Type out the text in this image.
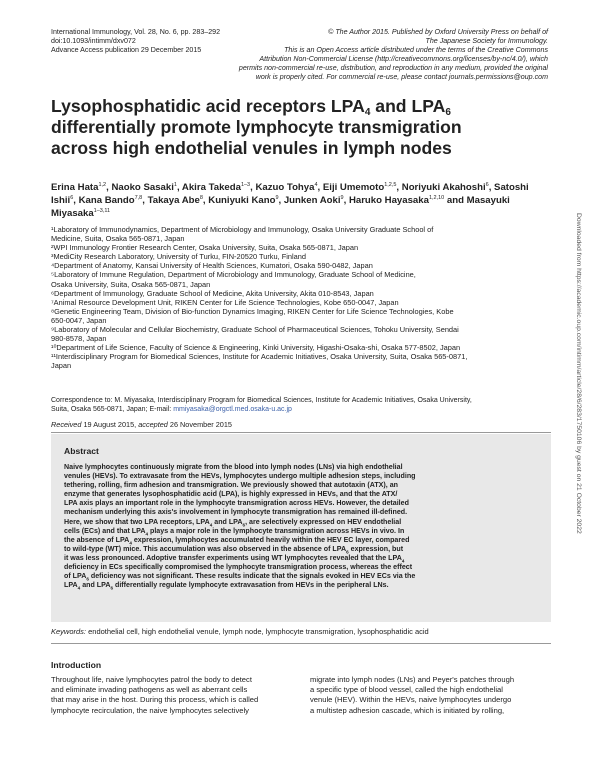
International Immunology, Vol. 28, No. 6, pp. 283–292
doi:10.1093/intimm/dxv072
Advance Access publication 29 December 2015
© The Author 2015. Published by Oxford University Press on behalf of
The Japanese Society for Immunology.
This is an Open Access article distributed under the terms of the Creative Commons
Attribution Non-Commercial License (http://creativecommons.org/licenses/by-nc/4.0/), which
permits non-commercial re-use, distribution, and reproduction in any medium, provided the original
work is properly cited. For commercial re-use, please contact journals.permissions@oup.com
Lysophosphatidic acid receptors $LPA_4$ and $LPA_6$
differentially promote lymphocyte transmigration
across high endothelial venules in lymph nodes
Erina Hata$^{1,2}$, Naoko Sasaki$^1$, Akira Takeda$^{1-3}$, Kazuo Tohya$^4$, Eiji Umemoto$^{1,2,5}$, Noriyuki Akahoshi$^6$, Satoshi Ishii$^6$, Kana Bando$^{7,8}$, Takaya Abe$^8$, Kuniyuki Kano$^9$, Junken Aoki$^9$, Haruko Hayasaka$^{1,2,10}$ and Masayuki Miyasaka$^{1-3,11}$
¹Laboratory of Immunodynamics, Department of Microbiology and Immunology, Osaka University Graduate School of
Medicine, Suita, Osaka 565-0871, Japan
²WPI Immunology Frontier Research Center, Osaka University, Suita, Osaka 565-0871, Japan
³MediCity Research Laboratory, University of Turku, FIN-20520 Turku, Finland
⁴Department of Anatomy, Kansai University of Health Sciences, Kumatori, Osaka 590-0482, Japan
⁵Laboratory of Immune Regulation, Department of Microbiology and Immunology, Graduate School of Medicine,
Osaka University, Suita, Osaka 565-0871, Japan
⁶Department of Immunology, Graduate School of Medicine, Akita University, Akita 010-8543, Japan
⁷Animal Resource Development Unit, RIKEN Center for Life Science Technologies, Kobe 650-0047, Japan
⁸Genetic Engineering Team, Division of Bio-function Dynamics Imaging, RIKEN Center for Life Science Technologies, Kobe
650-0047, Japan
⁹Laboratory of Molecular and Cellular Biochemistry, Graduate School of Pharmaceutical Sciences, Tohoku University, Sendai
980-8578, Japan
¹⁰Department of Life Science, Faculty of Science & Engineering, Kinki University, Higashi-Osaka-shi, Osaka 577-8502, Japan
¹¹Interdisciplinary Program for Biomedical Sciences, Institute for Academic Initiatives, Osaka University, Suita, Osaka 565-0871,
Japan
Correspondence to: M. Miyasaka, Interdisciplinary Program for Biomedical Sciences, Institute for Academic Initiatives, Osaka University,
Suita, Osaka 565-0871, Japan; E-mail: mmiyasaka@orgctl.med.osaka-u.ac.jp
Received 19 August 2015, accepted 26 November 2015
Abstract
Naive lymphocytes continuously migrate from the blood into lymph nodes (LNs) via high endothelial
venules (HEVs). To extravasate from the HEVs, lymphocytes undergo multiple adhesion steps, including
tethering, rolling, firm adhesion and transmigration. We previously showed that autotaxin (ATX), an
enzyme that generates lysophosphatidic acid (LPA), is highly expressed in HEVs, and that the ATX/
LPA axis plays an important role in the lymphocyte transmigration across HEVs. However, the detailed
mechanism underlying this axis's involvement in lymphocyte transmigration has remained ill-defined.
Here, we show that two LPA receptors, $LPA_4$ and $LPA_6$, are selectively expressed on HEV endothelial
cells (ECs) and that $LPA_4$ plays a major role in the lymphocyte transmigration across HEVs in vivo. In
the absence of $LPA_4$ expression, lymphocytes accumulated heavily within the HEV EC layer, compared
to wild-type (WT) mice. This accumulation was also observed in the absence of $LPA_6$ expression, but
it was less pronounced. Adoptive transfer experiments using WT lymphocytes revealed that the $LPA_4$
deficiency in ECs specifically compromised the lymphocyte transmigration process, whereas the effect
of $LPA_6$ deficiency was not significant. These results indicate that the signals evoked in HEV ECs via the
$LPA_4$ and $LPA_6$ differentially regulate lymphocyte extravasation from HEVs in the peripheral LNs.
Keywords: endothelial cell, high endothelial venule, lymph node, lymphocyte transmigration, lysophosphatidic acid
Introduction
Throughout life, naive lymphocytes patrol the body to detect
and eliminate invading pathogens as well as aberrant cells
that may arise in the host. During this process, which is called
lymphocyte recirculation, the naive lymphocytes selectively
migrate into lymph nodes (LNs) and Peyer's patches through
a specific type of blood vessel, called the high endothelial
venule (HEV). Within the HEVs, naive lymphocytes undergo
a multistep adhesion cascade, which is initiated by rolling,
Downloaded from https://academic.oup.com/intimm/article/28/6/283/1750106 by guest on 21 October 2022
